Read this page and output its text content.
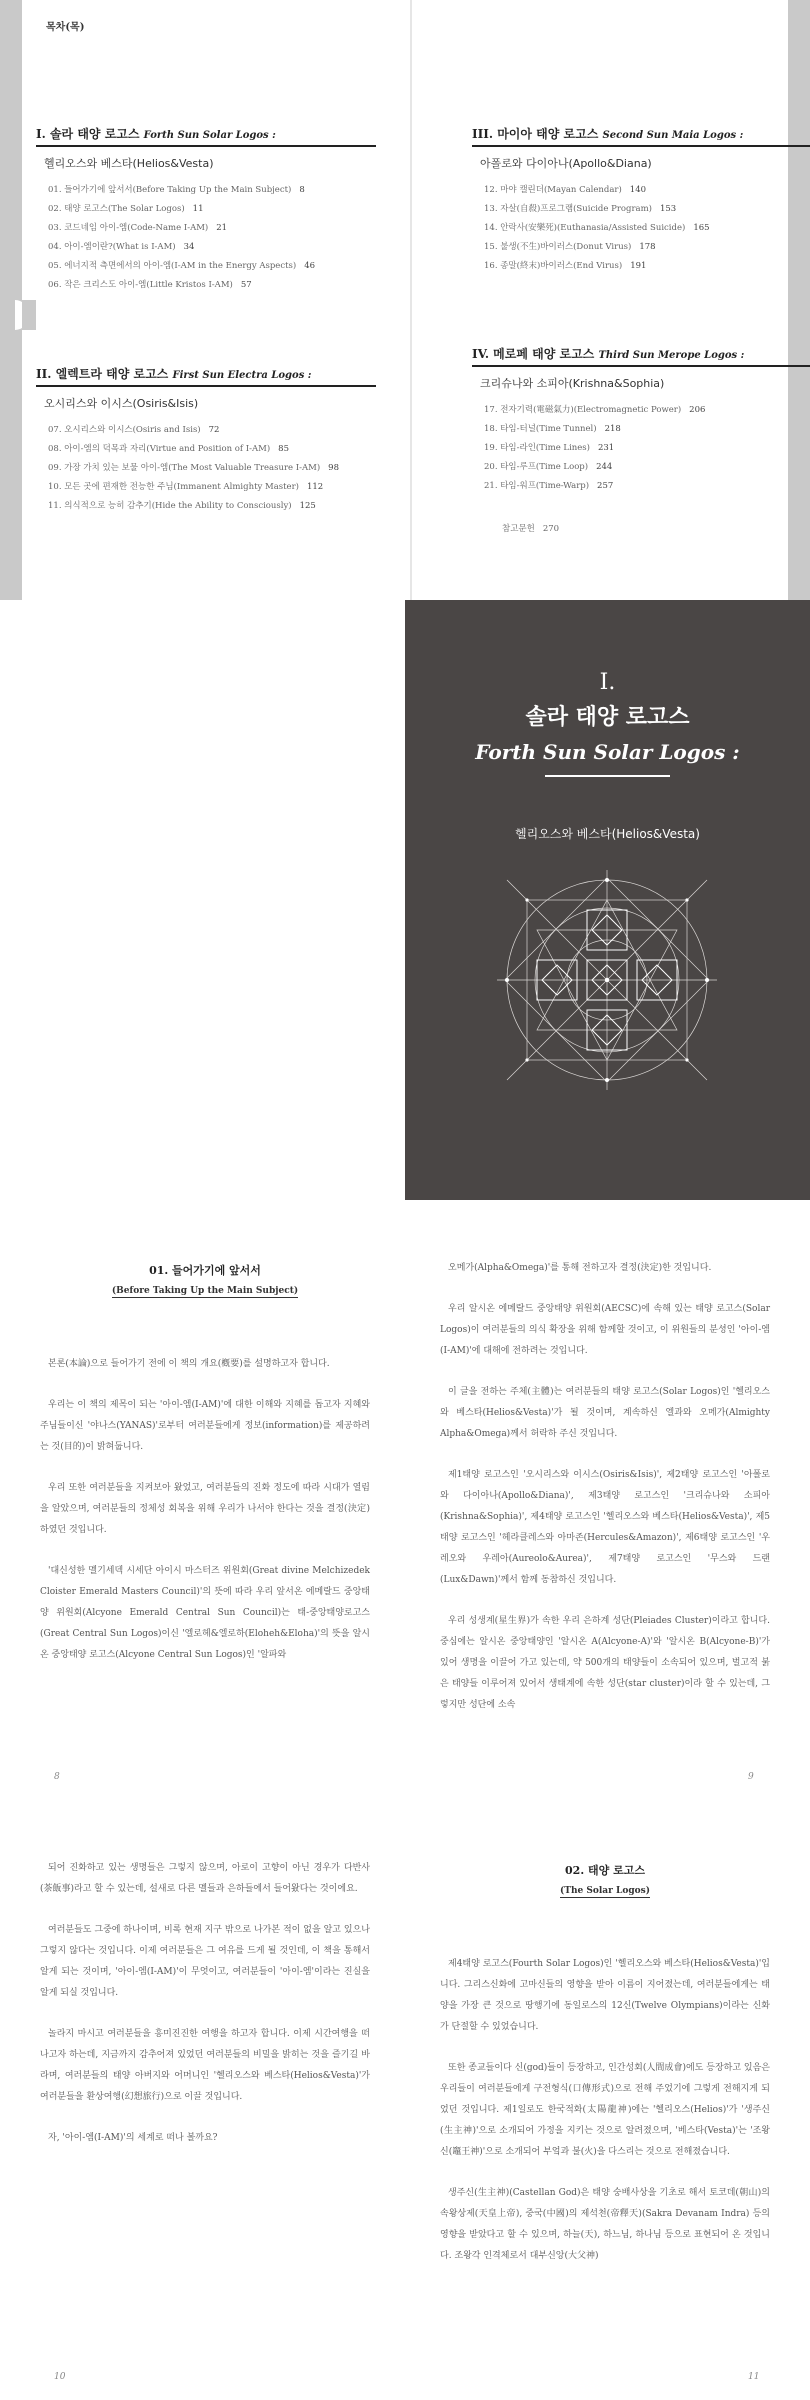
목차(목)
I. 솔라 태양 로고스 Forth Sun Solar Logos :
헬리오스와 베스타(Helios&Vesta)
01. 들어가기에 앞서서(Before Taking Up the Main Subject) 8
02. 태양 로고스(The Solar Logos) 11
03. 코드네임 아이-엠(Code-Name I-AM) 21
04. 아이-엠이란?(What is I-AM) 34
05. 에너지적 측면에서의 아이-엠(I-AM in the Energy Aspects) 46
06. 작은 크리스도 아이-엠(Little Kristos I-AM) 57
II. 엘렉트라 태양 로고스 First Sun Electra Logos :
오시리스와 이시스(Osiris&Isis)
07. 오시리스와 이시스(Osiris and Isis) 72
08. 아이-엠의 덕목과 자리(Virtue and Position of I-AM) 85
09. 가장 가치 있는 보물 아이-엠(The Most Valuable Treasure I-AM) 98
10. 모든 곳에 편재한 전능한 주님(Immanent Almighty Master) 112
11. 의식적으로 능히 감추기(Hide the Ability to Consciously) 125
III. 마이아 태양 로고스 Second Sun Maia Logos :
아폴로와 다이아나(Apollo&Diana)
12. 마야 캘린더(Mayan Calendar) 140
13. 자살(自殺)프로그램(Suicide Program) 153
14. 안락사(安樂死)(Euthanasia/Assisted Suicide) 165
15. 불생(不生)바이러스(Donut Virus) 178
16. 종말(終末)바이러스(End Virus) 191
IV. 메로페 태양 로고스 Third Sun Merope Logos :
크리슈나와 소피아(Krishna&Sophia)
17. 전자기력(電磁氣力)(Electromagnetic Power) 206
18. 타임-터널(Time Tunnel) 218
19. 타임-라인(Time Lines) 231
20. 타임-루프(Time Loop) 244
21. 타임-워프(Time-Warp) 257
참고문헌 270
I.
솔라 태양 로고스
Forth Sun Solar Logos :
헬리오스와 베스타(Helios&Vesta)
01. 들어가기에 앞서서
(Before Taking Up the Main Subject)

본론(本論)으로 들어가기 전에 이 책의 개요(槪要)를 설명하고자 합니다.

우리는 이 책의 제목이 되는 '아이-엠(I-AM)'에 대한 이해와 지혜를 돕고자 지혜와 주님들이신 '야나스(YANAS)'로부터 여러분들에게 정보(information)를 제공하려는 것(目的)이 밝혀둡니다.

우리 또한 여러분들을 지켜보아 왔었고, 여러분들의 진화 정도에 따라 시대가 열림을 알았으며, 여러분들의 정체성 회복을 위해 우리가 나서야 한다는 것을 결정(決定)하였던 것입니다.

'대신성한 멜기세덱 시세단 아이시 마스터즈 위원회(Great divine Melchizedek Cloister Emerald Masters Council)'의 뜻에 따라 우리 앞서온 에메랄드 중앙태양 위원회(Alcyone Emerald Central Sun Council)는 태-중앙태양로고스(Great Central Sun Logos)이신 '엘로헤&엘로하(Eloheh&Eloha)'의 뜻을 알시온 중앙태양 로고스(Alcyone Central Sun Logos)인 '알파와

8

오메가(Alpha&Omega)'를 통해 전하고자 결정(決定)한 것입니다.

우리 알시온 에메랄드 중앙태양 위원회(AECSC)에 속해 있는 태양 로고스(Solar Logos)이 여러분들의 의식 확장을 위해 함께할 것이고, 이 위원들의 분셩인 '아이-엠(I-AM)'에 대해에 전하려는 것입니다.

이 글을 전하는 주체(主體)는 여러분들의 태양 로고스(Solar Logos)인 '헬리오스와 베스타(Helios&Vesta)'가 될 것이며, 계속하신 엘과와 오메가(Almighty Alpha&Omega)께서 허락하 주신 것입니다.

제1태양 로고스인 '오시리스와 이시스(Osiris&Isis)', 제2태양 로고스인 '아폴로와 다이아나(Apollo&Diana)', 제3태양 로고스인 '크리슈나와 소피아(Krishna&Sophia)', 제4태양 로고스인 '헬리오스와 베스타(Helios&Vesta)', 제5태양 로고스인 '헤라클레스와 아마존(Hercules&Amazon)', 제6태양 로고스인 '우레오와 우레아(Aureolo&Aurea)', 제7태양 로고스인 '무스와 드랜(Lux&Dawn)'께서 함께 동참하신 것입니다.

우리 성생계(星生界)가 속한 우리 은하계 성단(Pleiades Cluster)이라고 합니다. 중심에는 알시온 중앙태양인 '알시온 A(Alcyone-A)'와 '알시온 B(Alcyone-B)'가 있어 생명을 이끌어 가고 있는데, 약 500개의 태양들이 소속되어 있으며, 벌고적 붉은 태양들 이루어져 있어서 생태계에 속한 성단(star cluster)이라 할 수 있는데, 그렇지만 성단에 소속

9

되어 진화하고 있는 생명들은 그렇지 않으며, 아로이 고향이 아닌 경우가 다반사(茶飯事)라고 할 수 있는데, 설새로 다른 멜들과 은하들에서 들어왔다는 것이에요.

여러분들도 그중에 하나이며, 비록 현재 지구 밖으로 나가본 적이 없을 알고 있으나 그렇지 않다는 것입니다. 이제 여러분들은 그 여유를 드게 될 것인데, 이 책을 통해서 알게 되는 것이며, '아이-엠(I-AM)'이 무엇이고, 여러분들이 '아이-엠'이라는 진실을 알게 되실 것입니다.

놀라지 마시고 여러분들을 흥미진진한 여행을 하고자 합니다. 이제 시간여행을 떠나고자 하는데, 지금까지 감추어져 있었던 여러분들의 비밀을 밝히는 것을 즐기길 바라며, 여러분들의 태양 아버지와 어머니인 '헬리오스와 베스타(Helios&Vesta)'가 여러분들을 환상여행(幻想旅行)으로 이끌 것입니다.

자, '아이-엠(I-AM)'의 세계로 떠나 볼까요?

10
02. 태양 로고스
(The Solar Logos)

제4태양 로고스(Fourth Solar Logos)인 '헬리오스와 베스타(Helios&Vesta)'입니다. 그리스신화에 고마신들의 영향을 받아 이름이 지어졌는데, 여러분들에게는 태양을 가장 큰 것으로 땅행기에 동일로스의 12신(Twelve Olympians)이라는 신화가 단절할 수 있었습니다.

또한 종교들이다 신(god)들이 등장하고, 인간성회(人間成會)에도 등장하고 있음은 우리들이 여러분들에게 구전형식(口傳形式)으로 전해 주었기에 그렇게 전해지게 되었던 것입니다. 제1일로도 한국적화(太陽龍神)에는 '헬리오스(Helios)'가 '생주신(生主神)'으로 소개되어 가정을 지키는 것으로 알려졌으며, '베스타(Vesta)'는 '조왕신(竈王神)'으로 소개되어 부엌과 불(火)을 다스리는 것으로 전해졌습니다.

생주신(生主神)(Castellan God)은 태양 숭배사상을 기초로 해서 토코데(朝山)의 속왕상제(天皇上帝), 중국(中國)의 제석천(帝釋天)(Sakra Devanam Indra) 등의 영향을 받았다고 할 수 있으며, 하늘(天), 하느님, 하나님 등으로 표현되어 온 것입니다. 조왕각 인격체로서 대부신앙(大父神)

11
